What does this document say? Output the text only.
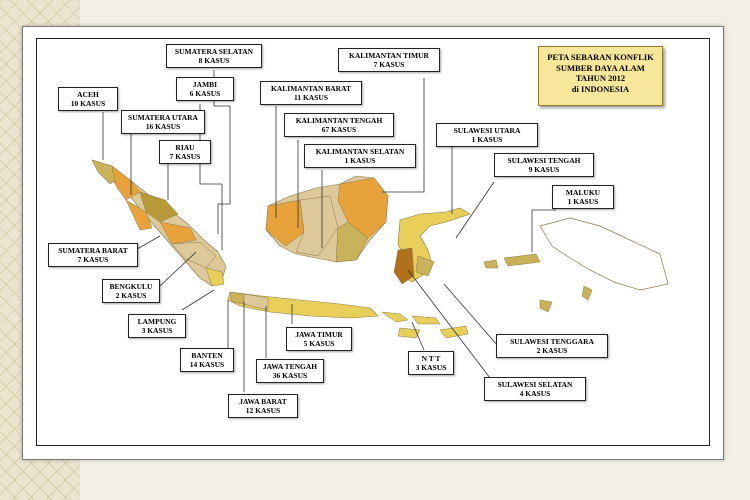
PETA SEBARAN KONFLIK
SUMBER DAYA ALAM
TAHUN 2012
di INDONESIA
ACEH
10 KASUS
SUMATERA UTARA
16 KASUS
RIAU
7 KASUS
JAMBI
6 KASUS
SUMATERA SELATAN
8 KASUS
SUMATERA BARAT
7 KASUS
BENGKULU
2 KASUS
LAMPUNG
3 KASUS
BANTEN
14 KASUS
JAWA BARAT
12 KASUS
JAWA TENGAH
36 KASUS
JAWA TIMUR
5 KASUS
KALIMANTAN BARAT
11 KASUS
KALIMANTAN TENGAH
67 KASUS
KALIMANTAN SELATAN
1 KASUS
KALIMANTAN TIMUR
7 KASUS
SULAWESI UTARA
1 KASUS
SULAWESI TENGAH
9 KASUS
MALUKU
1 KASUS
SULAWESI TENGGARA
2 KASUS
SULAWESI SELATAN
4 KASUS
N T T
3 KASUS
